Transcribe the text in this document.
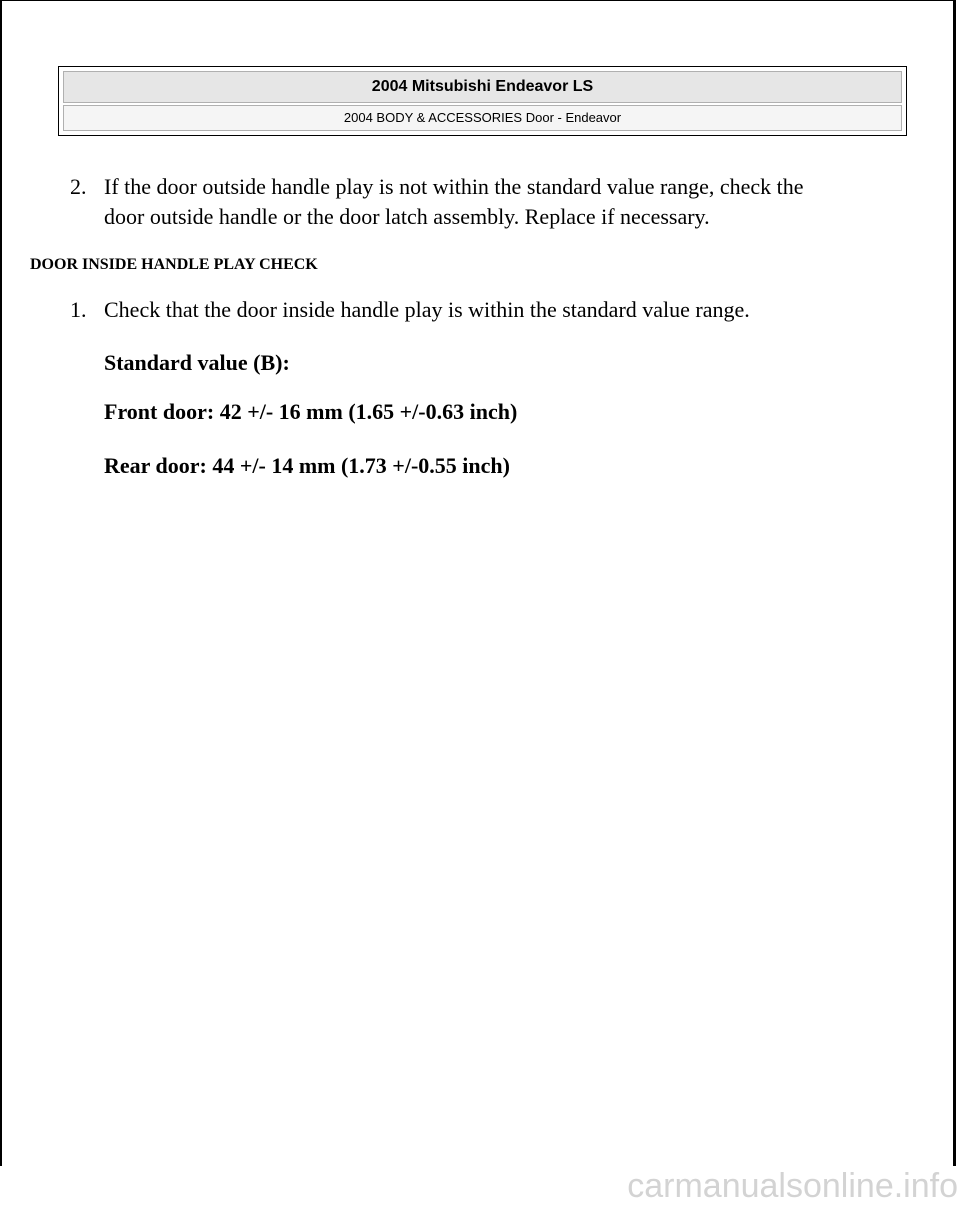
2004 Mitsubishi Endeavor LS
2004 BODY & ACCESSORIES Door - Endeavor
2. If the door outside handle play is not within the standard value range, check the
door outside handle or the door latch assembly. Replace if necessary.
DOOR INSIDE HANDLE PLAY CHECK
1. Check that the door inside handle play is within the standard value range.
Standard value (B):
Front door: 42 +/- 16 mm (1.65 +/-0.63 inch)
Rear door: 44 +/- 14 mm (1.73 +/-0.55 inch)
carmanualsonline.info
